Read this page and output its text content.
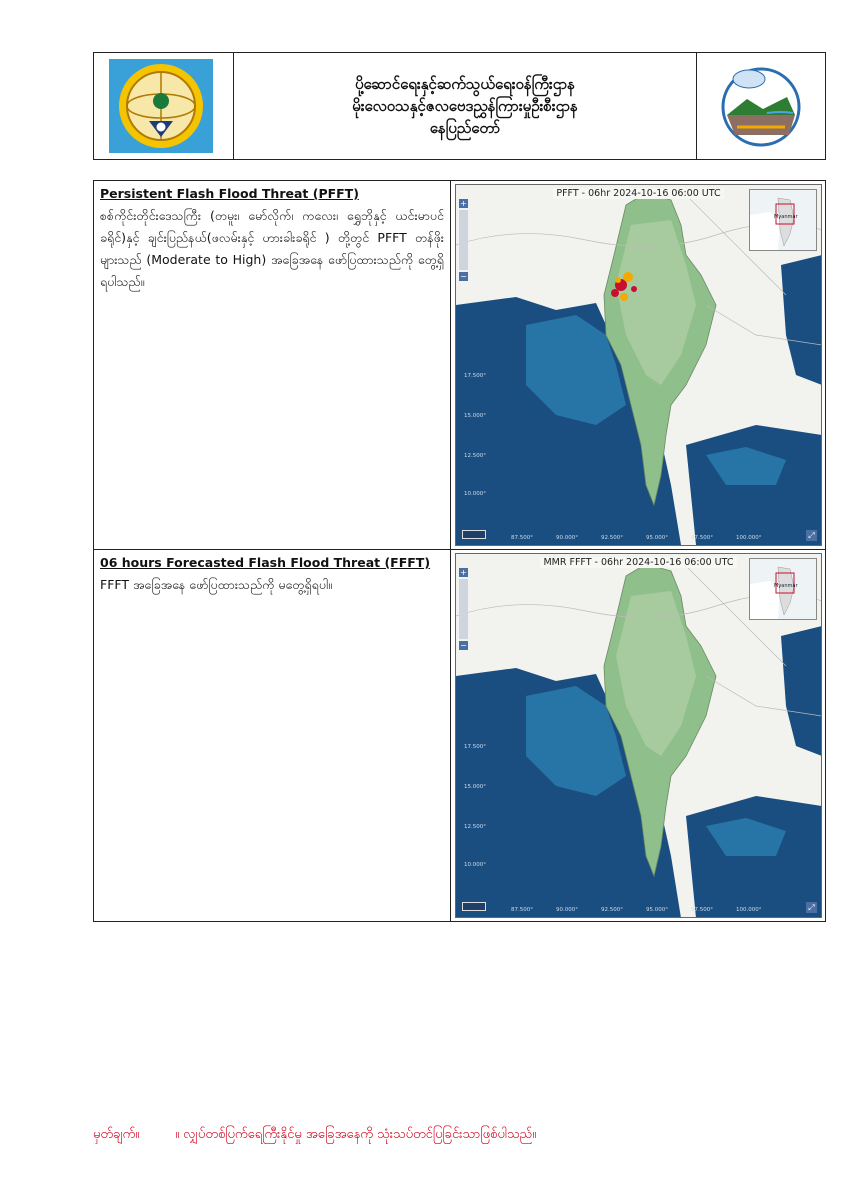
ပို့ဆောင်ရေးနှင့်ဆက်သွယ်ရေးဝန်ကြီးဌာန
မိုးလေဝသနှင့်ဇလဗေဒညွှန်ကြားမှုဦးစီးဌာန
နေပြည်တော်
Persistent Flash Flood Threat (PFFT)
စစ်ကိုင်းတိုင်းဒေသကြီး (တမူး၊ မော်လိုက်၊ ကလေး၊ ရွှေဘိုနှင့် ယင်းမာပင်ခရိုင်)နှင့် ချင်းပြည်နယ်(ဖလမ်းနှင့် ဟားခါးခရိုင် ) တို့တွင် PFFT တန်ဖိုးများသည် (Moderate to High) အခြေအနေ ဖော်ပြထားသည်ကို တွေ့ရှိရပါသည်။
PFFT - 06hr 2024-10-16 06:00 UTC
+
−
Myanmar
17.500°
15.000°
12.500°
10.000°
87.500°	90.000°	92.500°	95.000°	97.500°	100.000°	⤢
06 hours Forecasted Flash Flood Threat (FFFT)
FFFT အခြေအနေ ဖော်ပြထားသည်ကို မတွေ့ရှိရပါ။
MMR FFFT - 06hr 2024-10-16 06:00 UTC
+
−
Myanmar
17.500°
15.000°
12.500°
10.000°
87.500°	90.000°	92.500°	95.000°	97.500°	100.000°	⤢
မှတ်ချက်။	။ လျှပ်တစ်ပြက်ရေကြီးနိုင်မှု အခြေအနေကို သုံးသပ်တင်ပြခြင်းသာဖြစ်ပါသည်။
